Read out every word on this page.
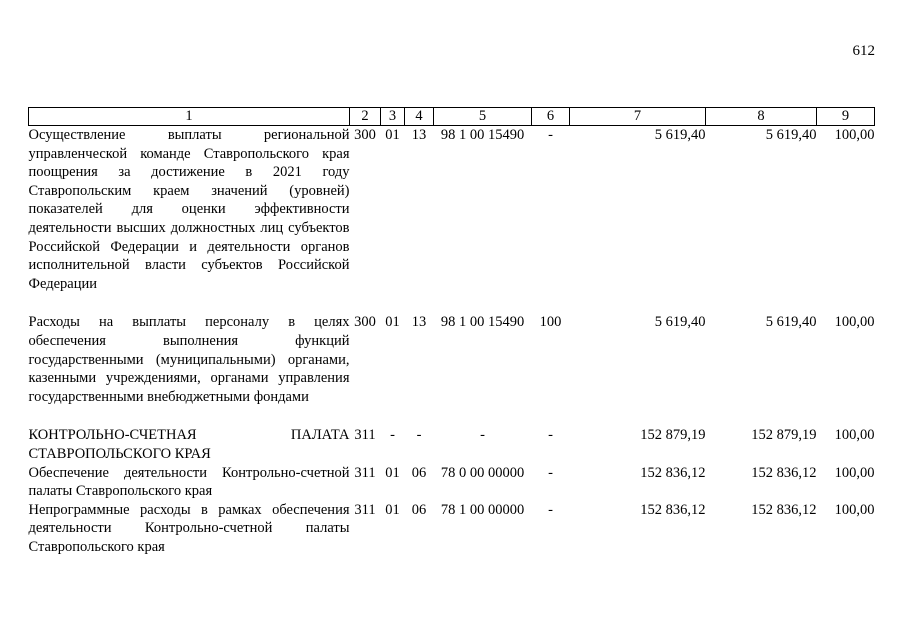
612
1	2	3	4	5	6	7	8	9
Осуществление выплаты региональной управленческой команде Ставропольского края поощрения за достижение в 2021 году Ставропольским краем значений (уровней) показателей для оценки эффективности деятельности высших должностных лиц субъектов Российской Федерации и деятельности органов исполнительной власти субъектов Российской Федерации	300	01	13	98 1 00 15490	-	5 619,40	5 619,40	100,00
Расходы на выплаты персоналу в целях обеспечения выполнения функций государственными (муниципальными) органами, казенными учреждениями, органами управления государственными внебюджетными фондами	300	01	13	98 1 00 15490	100	5 619,40	5 619,40	100,00
КОНТРОЛЬНО-СЧЕТНАЯ ПАЛАТА СТАВРОПОЛЬСКОГО КРАЯ	311	-	-	-	-	152 879,19	152 879,19	100,00
Обеспечение деятельности Контрольно-счетной палаты Ставропольского края	311	01	06	78 0 00 00000	-	152 836,12	152 836,12	100,00
Непрограммные расходы в рамках обеспечения деятельности Контрольно-счетной палаты Ставропольского края	311	01	06	78 1 00 00000	-	152 836,12	152 836,12	100,00
